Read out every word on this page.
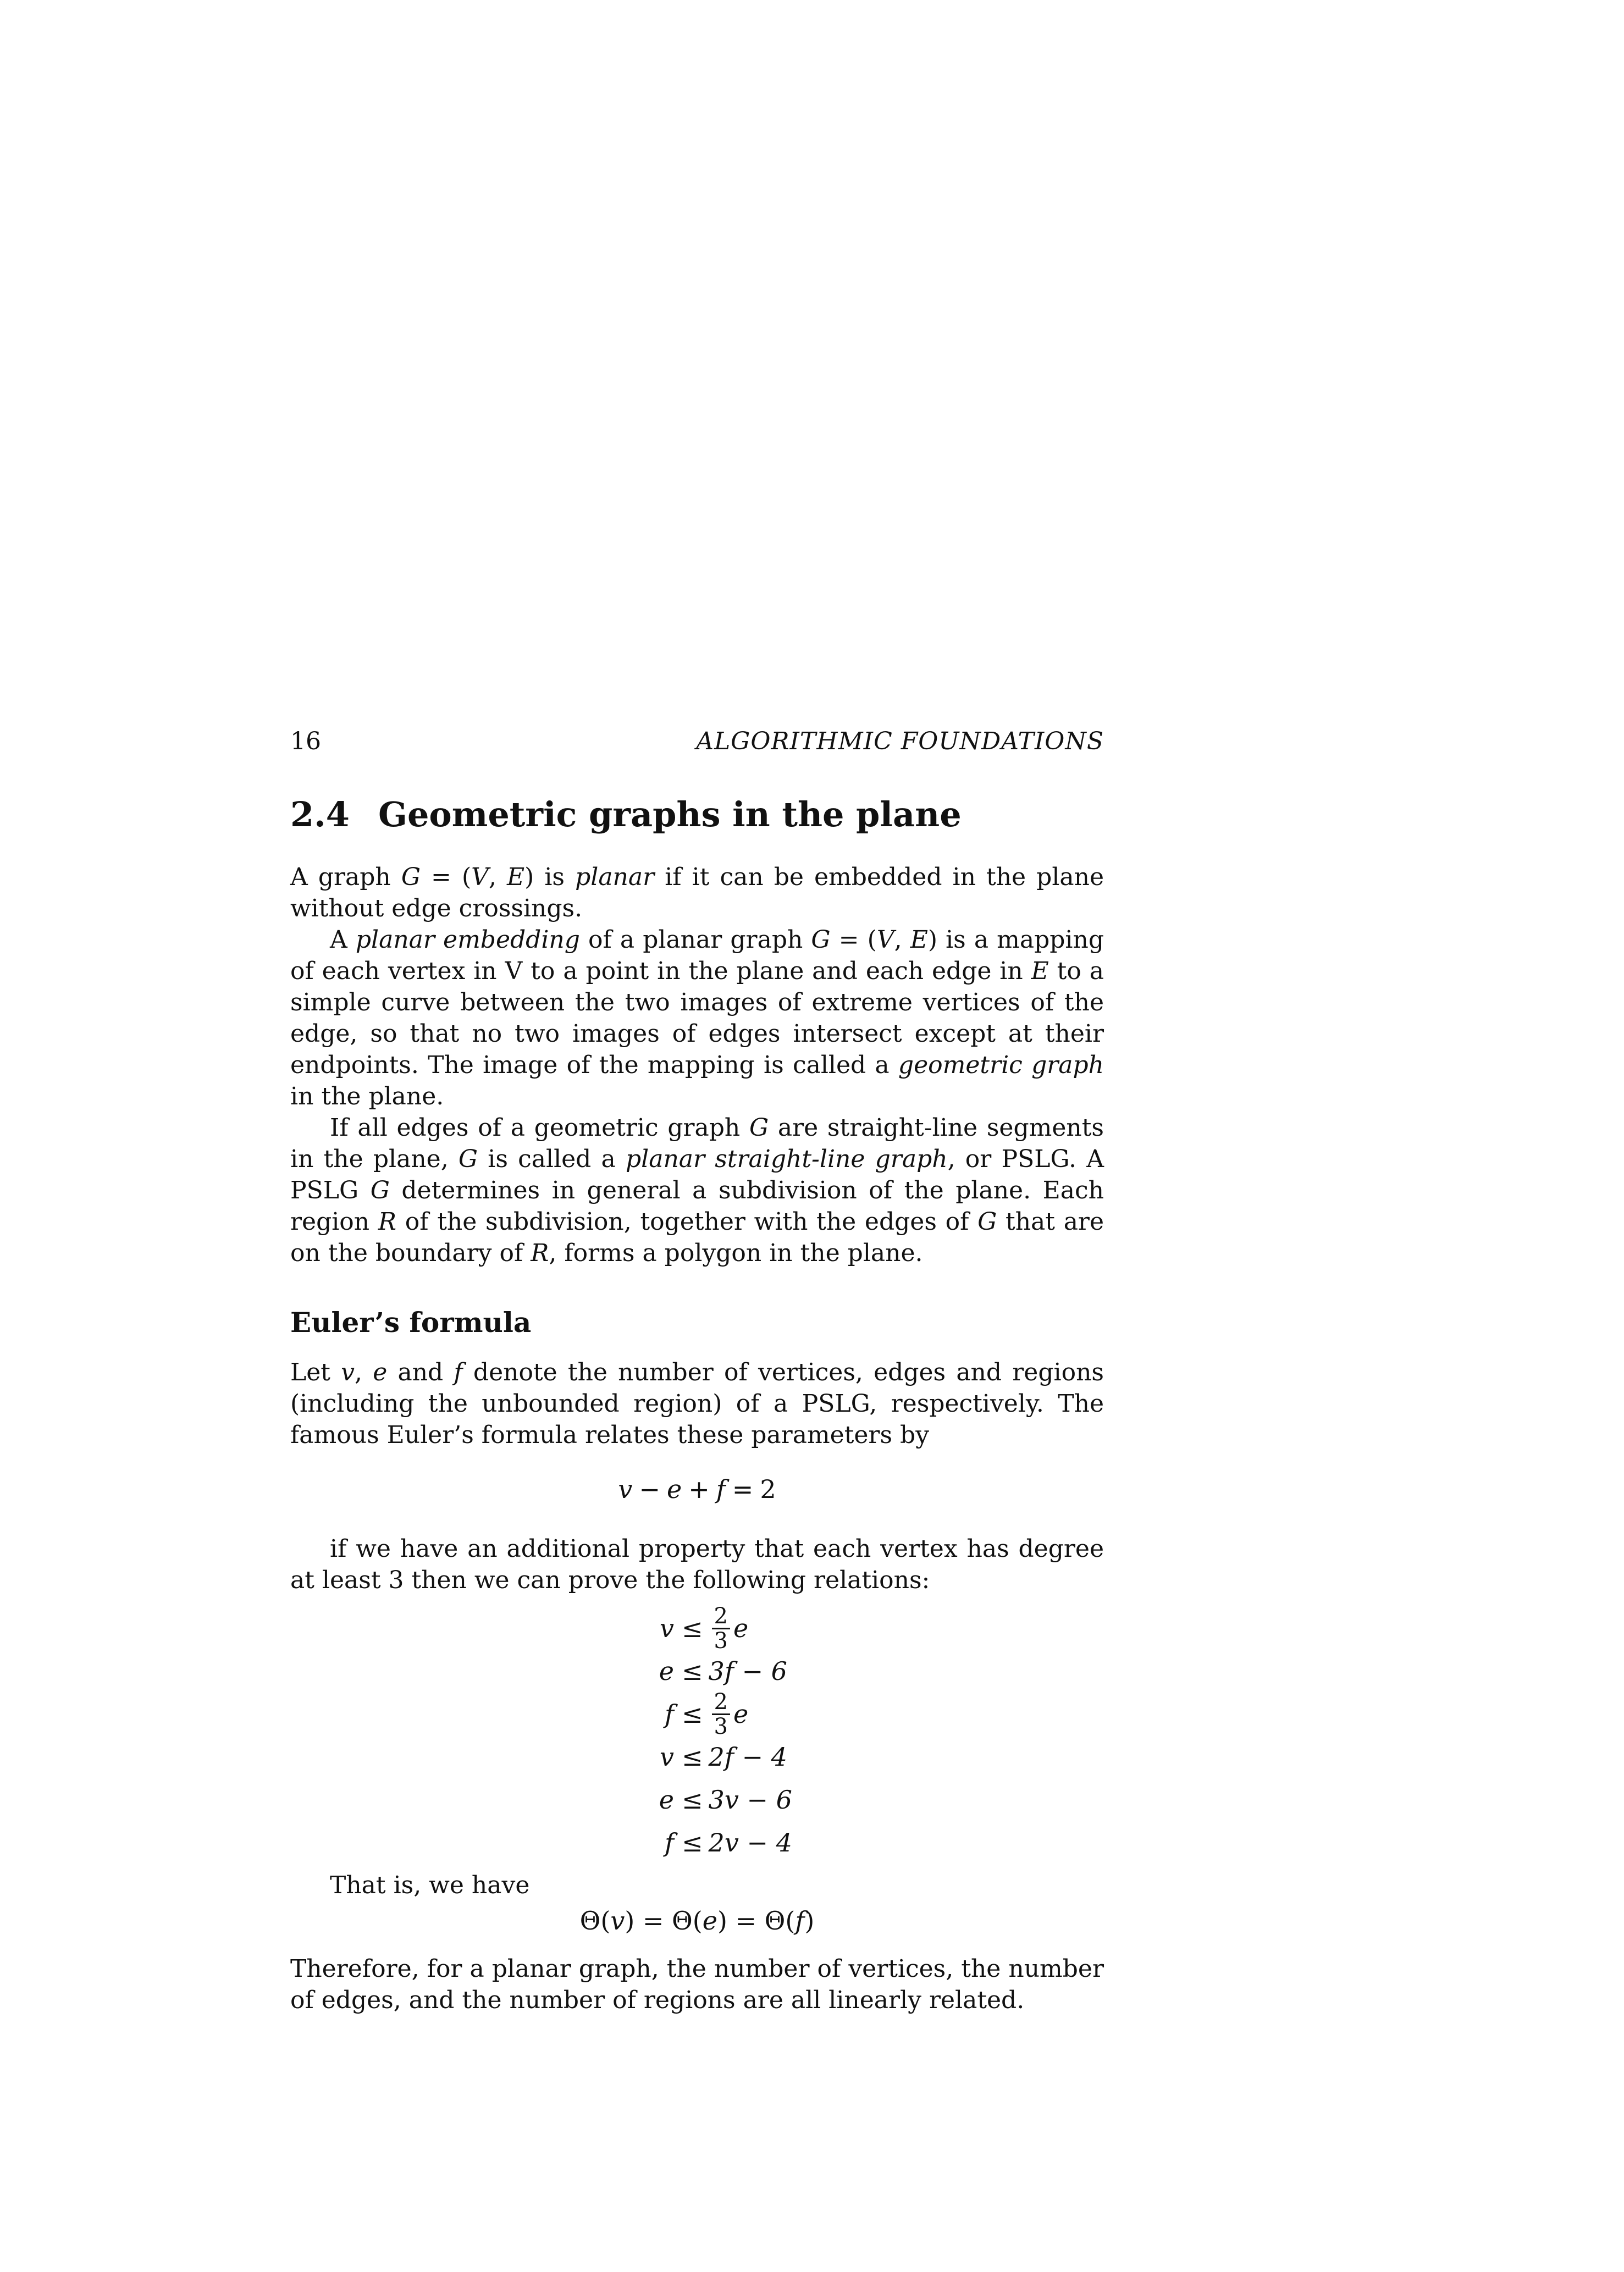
16	ALGORITHMIC FOUNDATIONS
2.4 Geometric graphs in the plane

A graph G = (V, E) is planar if it can be embedded in the plane without edge crossings.

A planar embedding of a planar graph G = (V, E) is a mapping of each vertex in V to a point in the plane and each edge in E to a simple curve between the two images of extreme vertices of the edge, so that no two images of edges intersect except at their endpoints. The image of the mapping is called a geometric graph in the plane.

If all edges of a geometric graph G are straight-line segments in the plane, G is called a planar straight-line graph, or PSLG. A PSLG G determines in general a subdivision of the plane. Each region R of the subdivision, together with the edges of G that are on the boundary of R, forms a polygon in the plane.

Euler’s formula

Let v, e and f denote the number of vertices, edges and regions (including the unbounded region) of a PSLG, respectively. The famous Euler’s formula relates these parameters by

v − e + f = 2

if we have an additional property that each vertex has degree at least 3 then we can prove the following relations:

$v \le \frac{2}{3}$ e
e ≤ 3f − 6
$f \le \frac{2}{3}$ e
v ≤ 2f − 4
e ≤ 3v − 6
f ≤ 2v − 4

That is, we have

Θ(v) = Θ(e) = Θ(f)

Therefore, for a planar graph, the number of vertices, the number of edges, and the number of regions are all linearly related.
